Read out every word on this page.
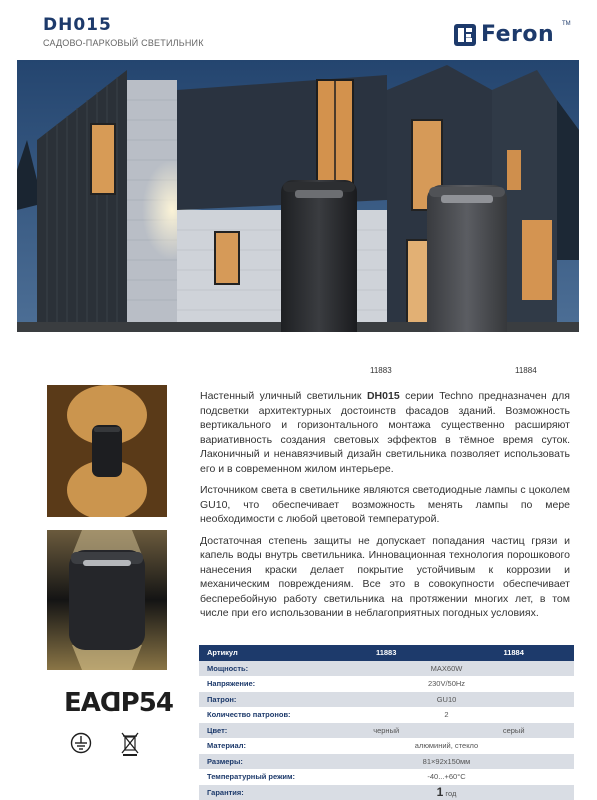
DH015
САДОВО-ПАРКОВЫЙ СВЕТИЛЬНИК	Feron TM
11883	11884

Настенный уличный светильник DH015 серии Techno предназначен для подсветки архитектурных достоинств фасадов зданий. Возможность вертикального и горизонтального монтажа существенно расширяют вариативность создания световых эффектов в тёмное время суток. Лаконичный и ненавязчивый дизайн светильника позволяет использовать его и в современном жилом интерьере.

Источником света в светильнике являются светодиодные лампы с цоколем GU10, что обеспечивает возможность менять лампы по мере необходимости с любой цветовой температурой.

Достаточная степень защиты не допускает попадания частиц грязи и капель воды внутрь светильника. Инновационная технология порошкового нанесения краски делает покрытие устойчивым к коррозии и механическим повреждениям. Все это в совокупности обеспечивает бесперебойную работу светильника на протяжении многих лет, в том числе при его использовании в неблагоприятных погодных условиях.

EAC
IP54
Артикул	11883	11884
Мощность:	MAX60W	
Напряжение:	230V/50Hz	
Патрон:	GU10	
Количество патронов:	2	
Цвет:	черный	серый
Материал:	алюминий, стекло	
Размеры:	81×92х150мм	
Температурный режим:	-40...+60°С	
Гарантия:	1 год	
